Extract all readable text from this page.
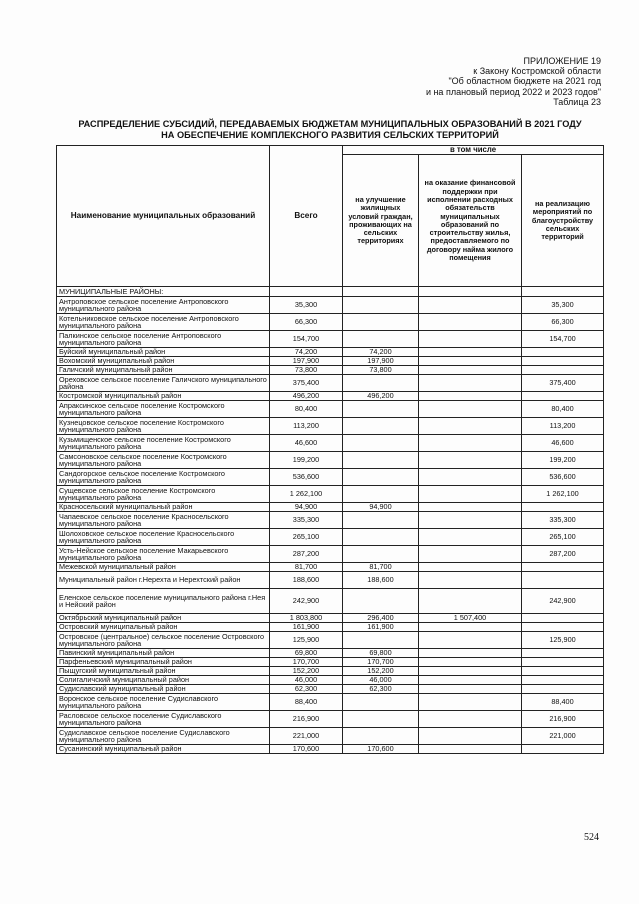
ПРИЛОЖЕНИЕ 19
к Закону Костромской области
"Об областном бюджете на 2021 год
и на плановый период 2022 и 2023 годов"
Таблица 23
РАСПРЕДЕЛЕНИЕ СУБСИДИЙ, ПЕРЕДАВАЕМЫХ БЮДЖЕТАМ МУНИЦИПАЛЬНЫХ ОБРАЗОВАНИЙ В 2021 ГОДУ
НА ОБЕСПЕЧЕНИЕ КОМПЛЕКСНОГО РАЗВИТИЯ СЕЛЬСКИХ ТЕРРИТОРИЙ
Наименование муниципальных образований	Всего	в том числе		
		на улучшение жилищных условий граждан, проживающих на сельских территориях	на оказание финансовой поддержки при исполнении расходных обязательств муниципальных образований по строительству жилья, предоставляемого по договору найма жилого помещения	на реализацию мероприятий по благоустройству сельских территорий
МУНИЦИПАЛЬНЫЕ РАЙОНЫ:				
Антроповское сельское поселение Антроповского муниципального района	35,300			35,300
Котельниковское сельское поселение Антроповского муниципального района	66,300			66,300
Палкинское сельское поселение Антроповского муниципального района	154,700			154,700
Буйский муниципальный район	74,200	74,200		
Вохомский муниципальный район	197,900	197,900		
Галичский муниципальный район	73,800	73,800		
Ореховское сельское поселение Галичского муниципального района	375,400			375,400
Костромской муниципальный район	496,200	496,200		
Апраксинское сельское поселение Костромского муниципального района	80,400			80,400
Кузнецовское сельское поселение Костромского муниципального района	113,200			113,200
Кузьмищенское сельское поселение Костромского муниципального района	46,600			46,600
Самсоновское сельское поселение Костромского муниципального района	199,200			199,200
Сандогорское сельское поселение Костромского муниципального района	536,600			536,600
Сущевское сельское поселение Костромского муниципального района	1 262,100			1 262,100
Красносельский муниципальный район	94,900	94,900		
Чапаевское сельское поселение Красносельского муниципального района	335,300			335,300
Шолоховское сельское поселение Красносельского муниципального района	265,100			265,100
Усть-Нейское сельское поселение Макарьевского муниципального района	287,200			287,200
Межевской муниципальный район	81,700	81,700		
Муниципальный район г.Нерехта и Нерехтский район	188,600	188,600		
Еленское сельское поселение муниципального района г.Нея и Нейский район	242,900			242,900
Октябрьский муниципальный район	1 803,800	296,400	1 507,400	
Островский муниципальный район	161,900	161,900		
Островское (центральное) сельское поселение Островского муниципального района	125,900			125,900
Павинский муниципальный район	69,800	69,800		
Парфеньевский муниципальный район	170,700	170,700		
Пыщугский муниципальный район	152,200	152,200		
Солигаличский муниципальный район	46,000	46,000		
Судиславский муниципальный район	62,300	62,300		
Воронское сельское поселение Судиславского муниципального района	88,400			88,400
Расловское сельское поселение Судиславского муниципального района	216,900			216,900
Судиславское сельское поселение Судиславского муниципального района	221,000			221,000
Сусанинский муниципальный район	170,600	170,600		
524
